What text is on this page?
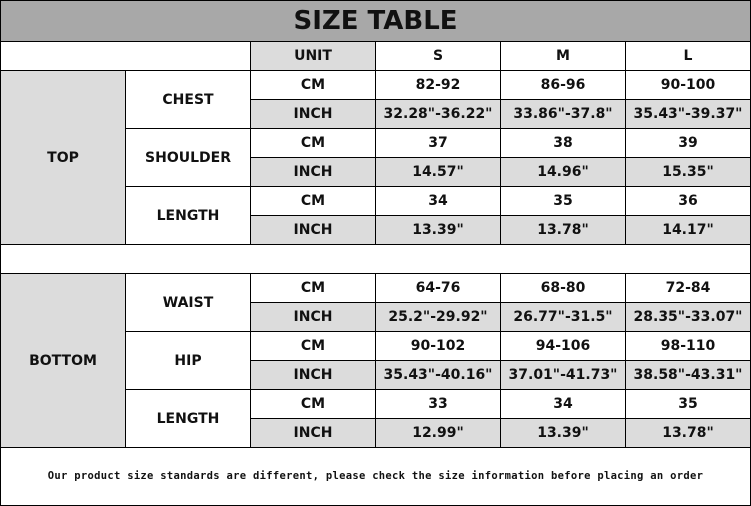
SIZE TABLE
UNIT	S	M	L
TOP
CHEST
CM	82-92	86-96	90-100
INCH	32.28"-36.22"	33.86"-37.8"	35.43"-39.37"
SHOULDER
CM	37	38	39
INCH	14.57"	14.96"	15.35"
LENGTH
CM	34	35	36
INCH	13.39"	13.78"	14.17"
BOTTOM
WAIST
CM	64-76	68-80	72-84
INCH	25.2"-29.92"	26.77"-31.5"	28.35"-33.07"
HIP
CM	90-102	94-106	98-110
INCH	35.43"-40.16"	37.01"-41.73"	38.58"-43.31"
LENGTH
CM	33	34	35
INCH	12.99"	13.39"	13.78"
Our product size standards are different, please check the size information before placing an order
